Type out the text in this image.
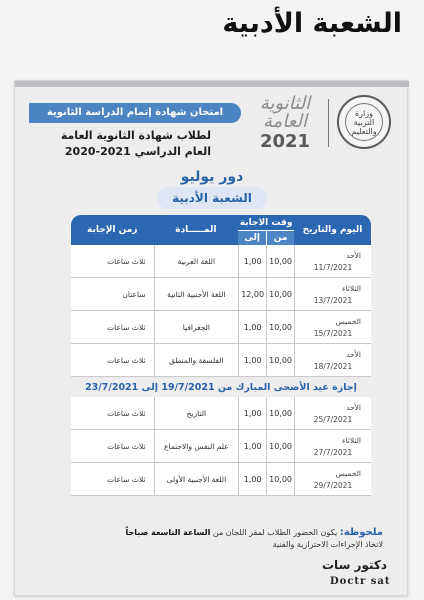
الشعبة الأدبية
امتحان شهادة إتمام الدراسة الثانوية
لطلاب شهادة الثانوية العامة
العام الدراسي 2021-2020
وزارة التربية والتعليم
الثانوية العامة
2021
دور يوليو
الشعبة الأدبية
اليوم والتاريخ	وقت الاجابة		المـــــادة	زمن الإجابة
	من	إلى		

الأحد
11/7/2021	10,00	1,00	اللغة العربية	ثلاث ساعات

الثلاثاء
13/7/2021	10,00	12,00	اللغة الأجنبية الثانية	ساعتان

الخميس
15/7/2021	10,00	1,00	الجغرافيا	ثلاث ساعات

الأحد
18/7/2021	10,00	1,00	الفلسفة والمنطق	ثلاث ساعات
إجازة عيد الأضحى المبارك من 19/7/2021 إلى 23/7/2021				

الأحد
25/7/2021	10,00	1,00	التاريخ	ثلاث ساعات

الثلاثاء
27/7/2021	10,00	1,00	علم النفس والاجتماع	ثلاث ساعات

الخميس
29/7/2021	10,00	1,00	اللغة الأجنبية الأولى	ثلاث ساعات
ملحوظة: يكون الحضور الطلاب لمقر اللجان من الساعة التاسعة صباحاً
لاتخاذ الإجراءات الاحترازية والفنية
دكتور سات
Doctr sat
